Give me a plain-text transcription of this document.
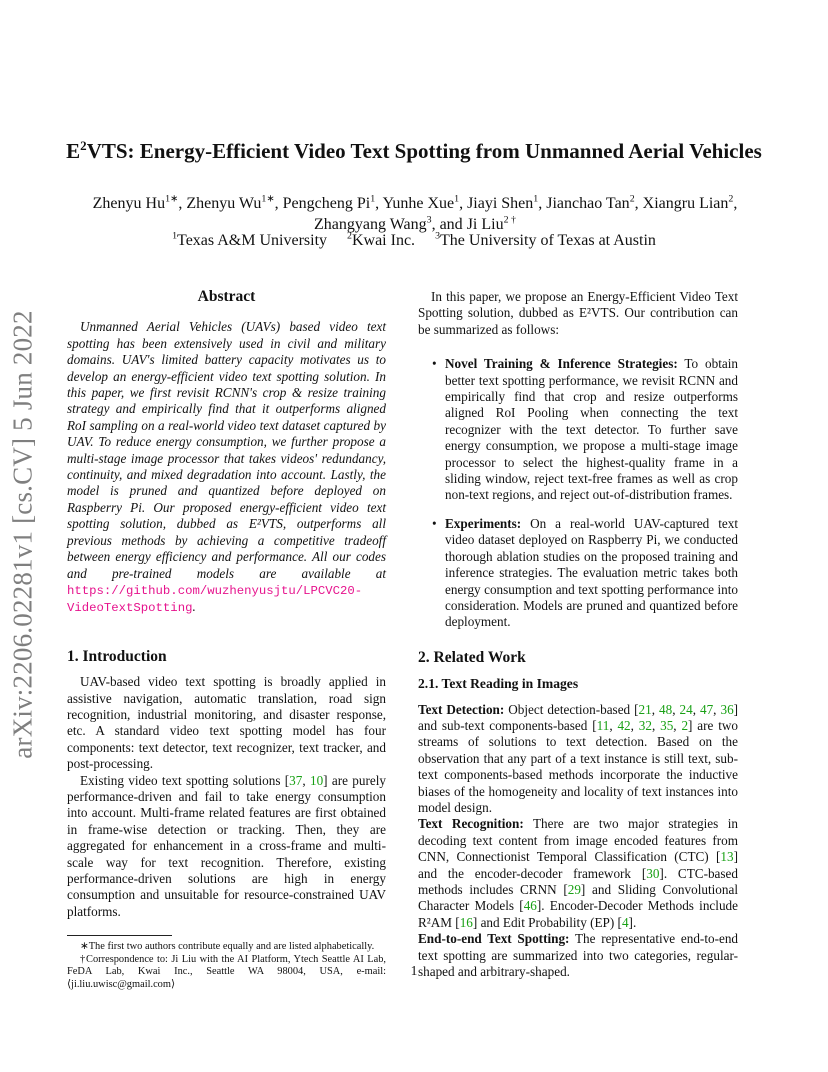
arXiv:2206.02281v1 [cs.CV] 5 Jun 2022
$E^2VTS$: Energy-Efficient Video Text Spotting from Unmanned Aerial Vehicles
Zhenyu $Hu^{1∗}$, Zhenyu $Wu^{1∗}$, Pengcheng Pi$^1$, Yunhe Xue$^1$, Jiayi Shen$^1$, Jianchao Tan$^2$, Xiangru Lian$^2$, Zhangyang Wang$^3$, and Ji Liu$^{2 \dagger}$
$^1$Texas A&M University $^2$Kwai Inc. $^3$The University of Texas at Austin
Abstract

Unmanned Aerial Vehicles (UAVs) based video text spotting has been extensively used in civil and military domains. UAV's limited battery capacity motivates us to develop an energy-efficient video text spotting solution. In this paper, we first revisit RCNN's crop & resize training strategy and empirically find that it outperforms aligned RoI sampling on a real-world video text dataset captured by UAV. To reduce energy consumption, we further propose a multi-stage image processor that takes videos' redundancy, continuity, and mixed degradation into account. Lastly, the model is pruned and quantized before deployed on Raspberry Pi. Our proposed energy-efficient video text spotting solution, dubbed as E²VTS, outperforms all previous methods by achieving a competitive tradeoff between energy efficiency and performance. All our codes and pre-trained models are available at https://github.com/wuzhenyusjtu/LPCVC20-VideoTextSpotting.

1. Introduction

UAV-based video text spotting is broadly applied in assistive navigation, automatic translation, road sign recognition, industrial monitoring, and disaster response, etc. A standard video text spotting model has four components: text detector, text recognizer, text tracker, and post-processing.

Existing video text spotting solutions [37, 10] are purely performance-driven and fail to take energy consumption into account. Multi-frame related features are first obtained in frame-wise detection or tracking. Then, they are aggregated for enhancement in a cross-frame and multi-scale way for text recognition. Therefore, existing performance-driven solutions are high in energy consumption and unsuitable for resource-constrained UAV platforms.

∗The first two authors contribute equally and are listed alphabetically.

†Correspondence to: Ji Liu with the AI Platform, Ytech Seattle AI Lab, FeDA Lab, Kwai Inc., Seattle WA 98004, USA, e-mail: ⟨ji.liu.uwisc@gmail.com⟩

In this paper, we propose an Energy-Efficient Video Text Spotting solution, dubbed as E²VTS. Our contribution can be summarized as follows:

• Novel Training & Inference Strategies: To obtain better text spotting performance, we revisit RCNN and empirically find that crop and resize outperforms aligned RoI Pooling when connecting the text recognizer with the text detector. To further save energy consumption, we propose a multi-stage image processor to select the highest-quality frame in a sliding window, reject text-free frames as well as crop non-text regions, and reject out-of-distribution frames.
• Experiments: On a real-world UAV-captured text video dataset deployed on Raspberry Pi, we conducted thorough ablation studies on the proposed training and inference strategies. The evaluation metric takes both energy consumption and text spotting performance into consideration. Models are pruned and quantized before deployment.
2. Related Work
2.1. Text Reading in Images

Text Detection: Object detection-based [21, 48, 24, 47, 36] and sub-text components-based [11, 42, 32, 35, 2] are two streams of solutions to text detection. Based on the observation that any part of a text instance is still text, sub-text components-based methods incorporate the inductive biases of the homogeneity and locality of text instances into model design.

Text Recognition: There are two major strategies in decoding text content from image encoded features from CNN, Connectionist Temporal Classification (CTC) [13] and the encoder-decoder framework [30]. CTC-based methods includes CRNN [29] and Sliding Convolutional Character Models [46]. Encoder-Decoder Methods include R²AM [16] and Edit Probability (EP) [4].

End-to-end Text Spotting: The representative end-to-end text spotting are summarized into two categories, regular-shaped and arbitrary-shaped.

1
